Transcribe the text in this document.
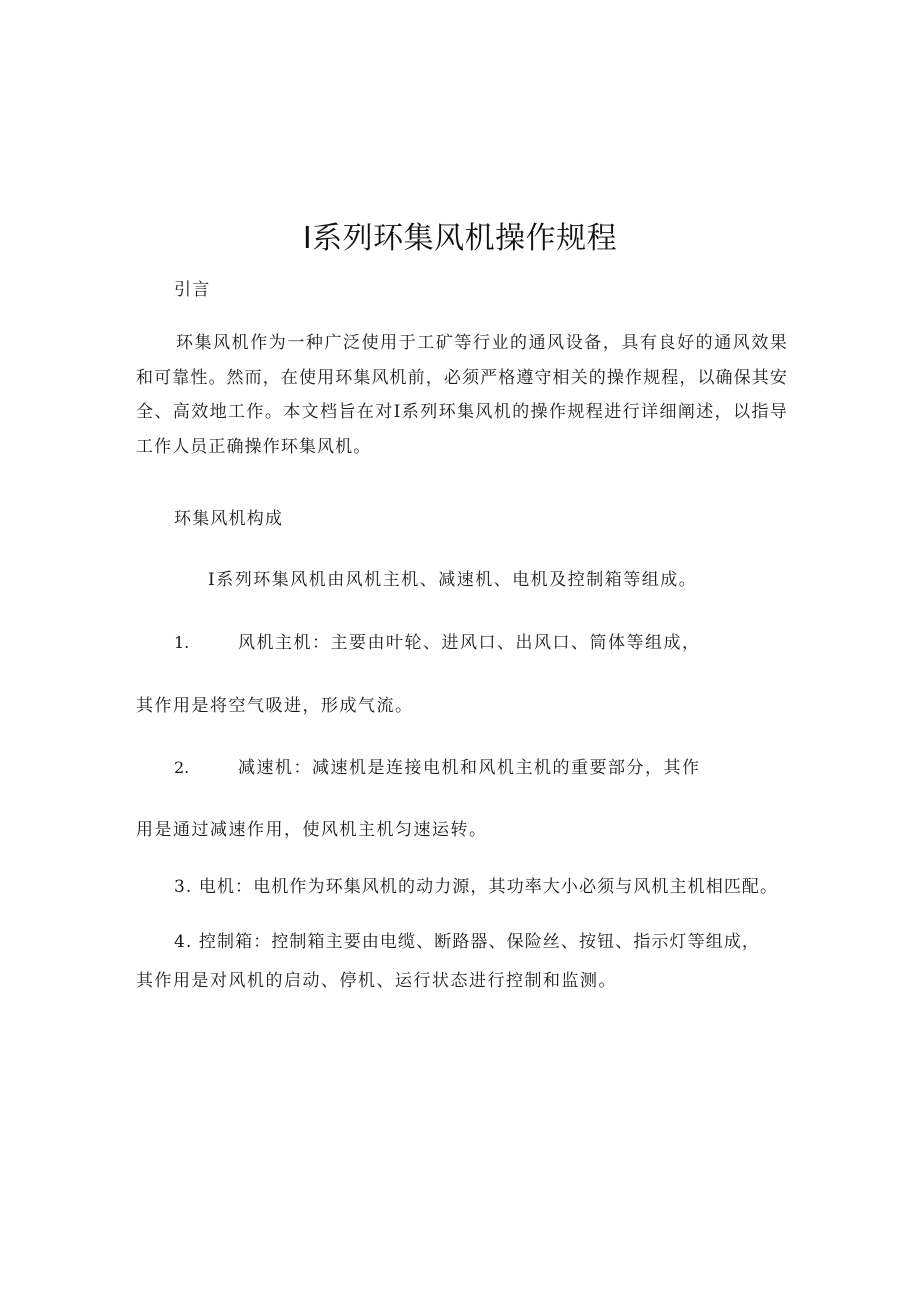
I系列环集风机操作规程
引言
环集风机作为一种广泛使用于工矿等行业的通风设备，具有良好的通风效果和可靠性。然而，在使用环集风机前，必须严格遵守相关的操作规程，以确保其安全、高效地工作。本文档旨在对I系列环集风机的操作规程进行详细阐述，以指导工作人员正确操作环集风机。
环集风机构成
I系列环集风机由风机主机、减速机、电机及控制箱等组成。
1.	风机主机：主要由叶轮、进风口、出风口、筒体等组成，
其作用是将空气吸进，形成气流。
2.	减速机：减速机是连接电机和风机主机的重要部分，其作
用是通过减速作用，使风机主机匀速运转。
3. 电机：电机作为环集风机的动力源，其功率大小必须与风机主机相匹配。
4. 控制箱：控制箱主要由电缆、断路器、保险丝、按钮、指示灯等组成，
其作用是对风机的启动、停机、运行状态进行控制和监测。
